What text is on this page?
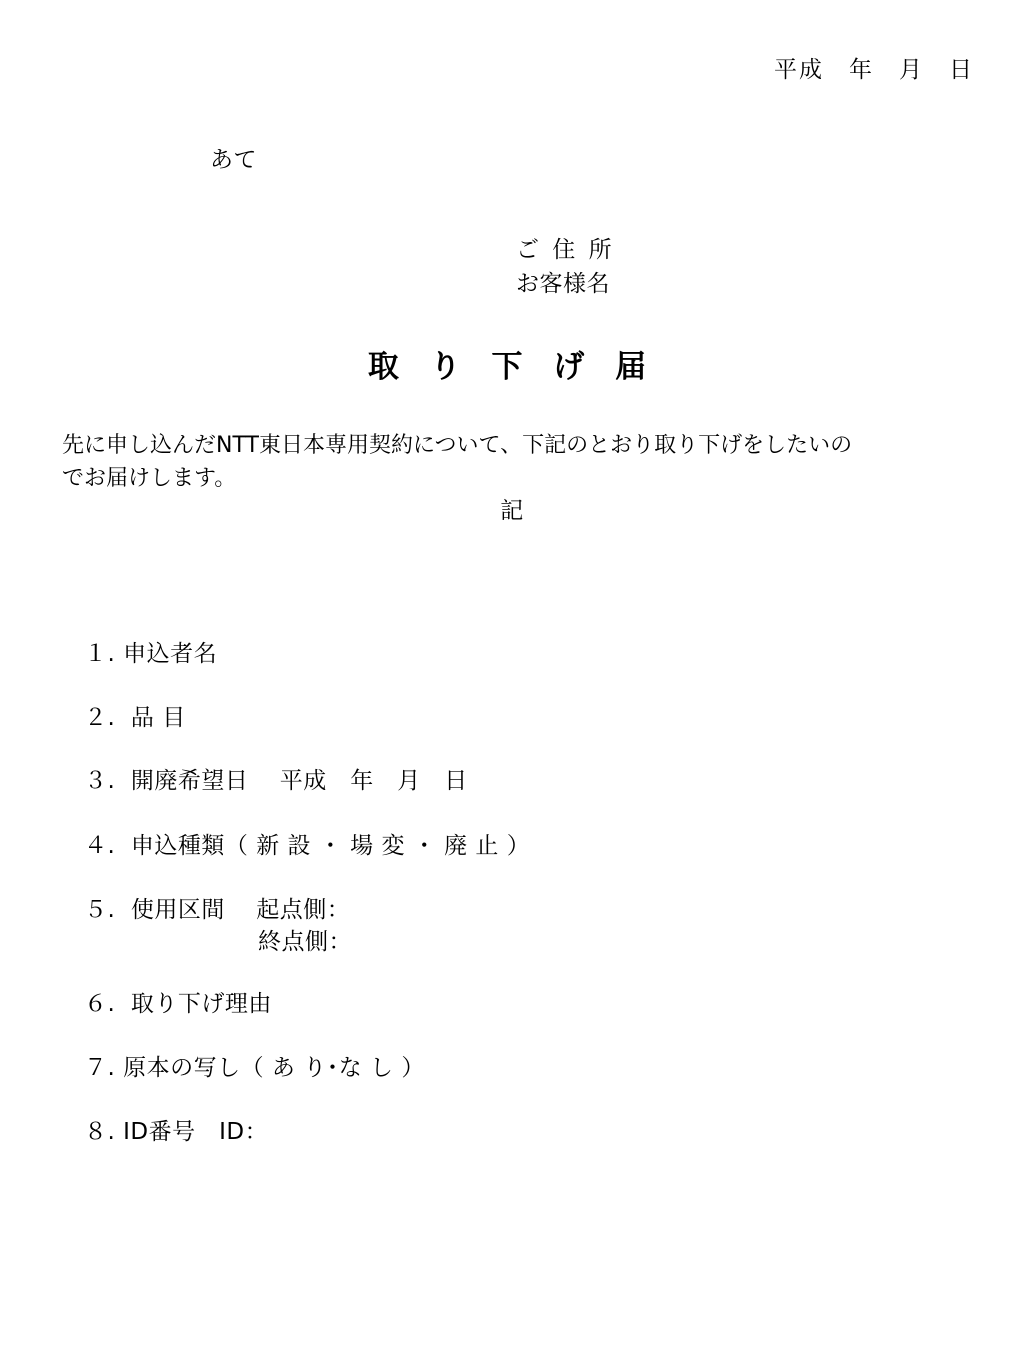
平成　年　月　日
あて
ご 住 所
お客様名
取 り 下 げ 届
先に申し込んだNTT東日本専用契約について、下記のとおり取り下げをしたいの
でお届けします。
記
１. 申込者名
２.  品 目
３.  開廃希望日　 平成　年　月　日
４.  申込種類（ 新 設 ・ 場 変 ・ 廃 止 ）
５.  使用区間　 起点側：
終点側：
６.  取り下げ理由
７. 原本の写し（ あ り･な し ）
８. ID番号　ID：
